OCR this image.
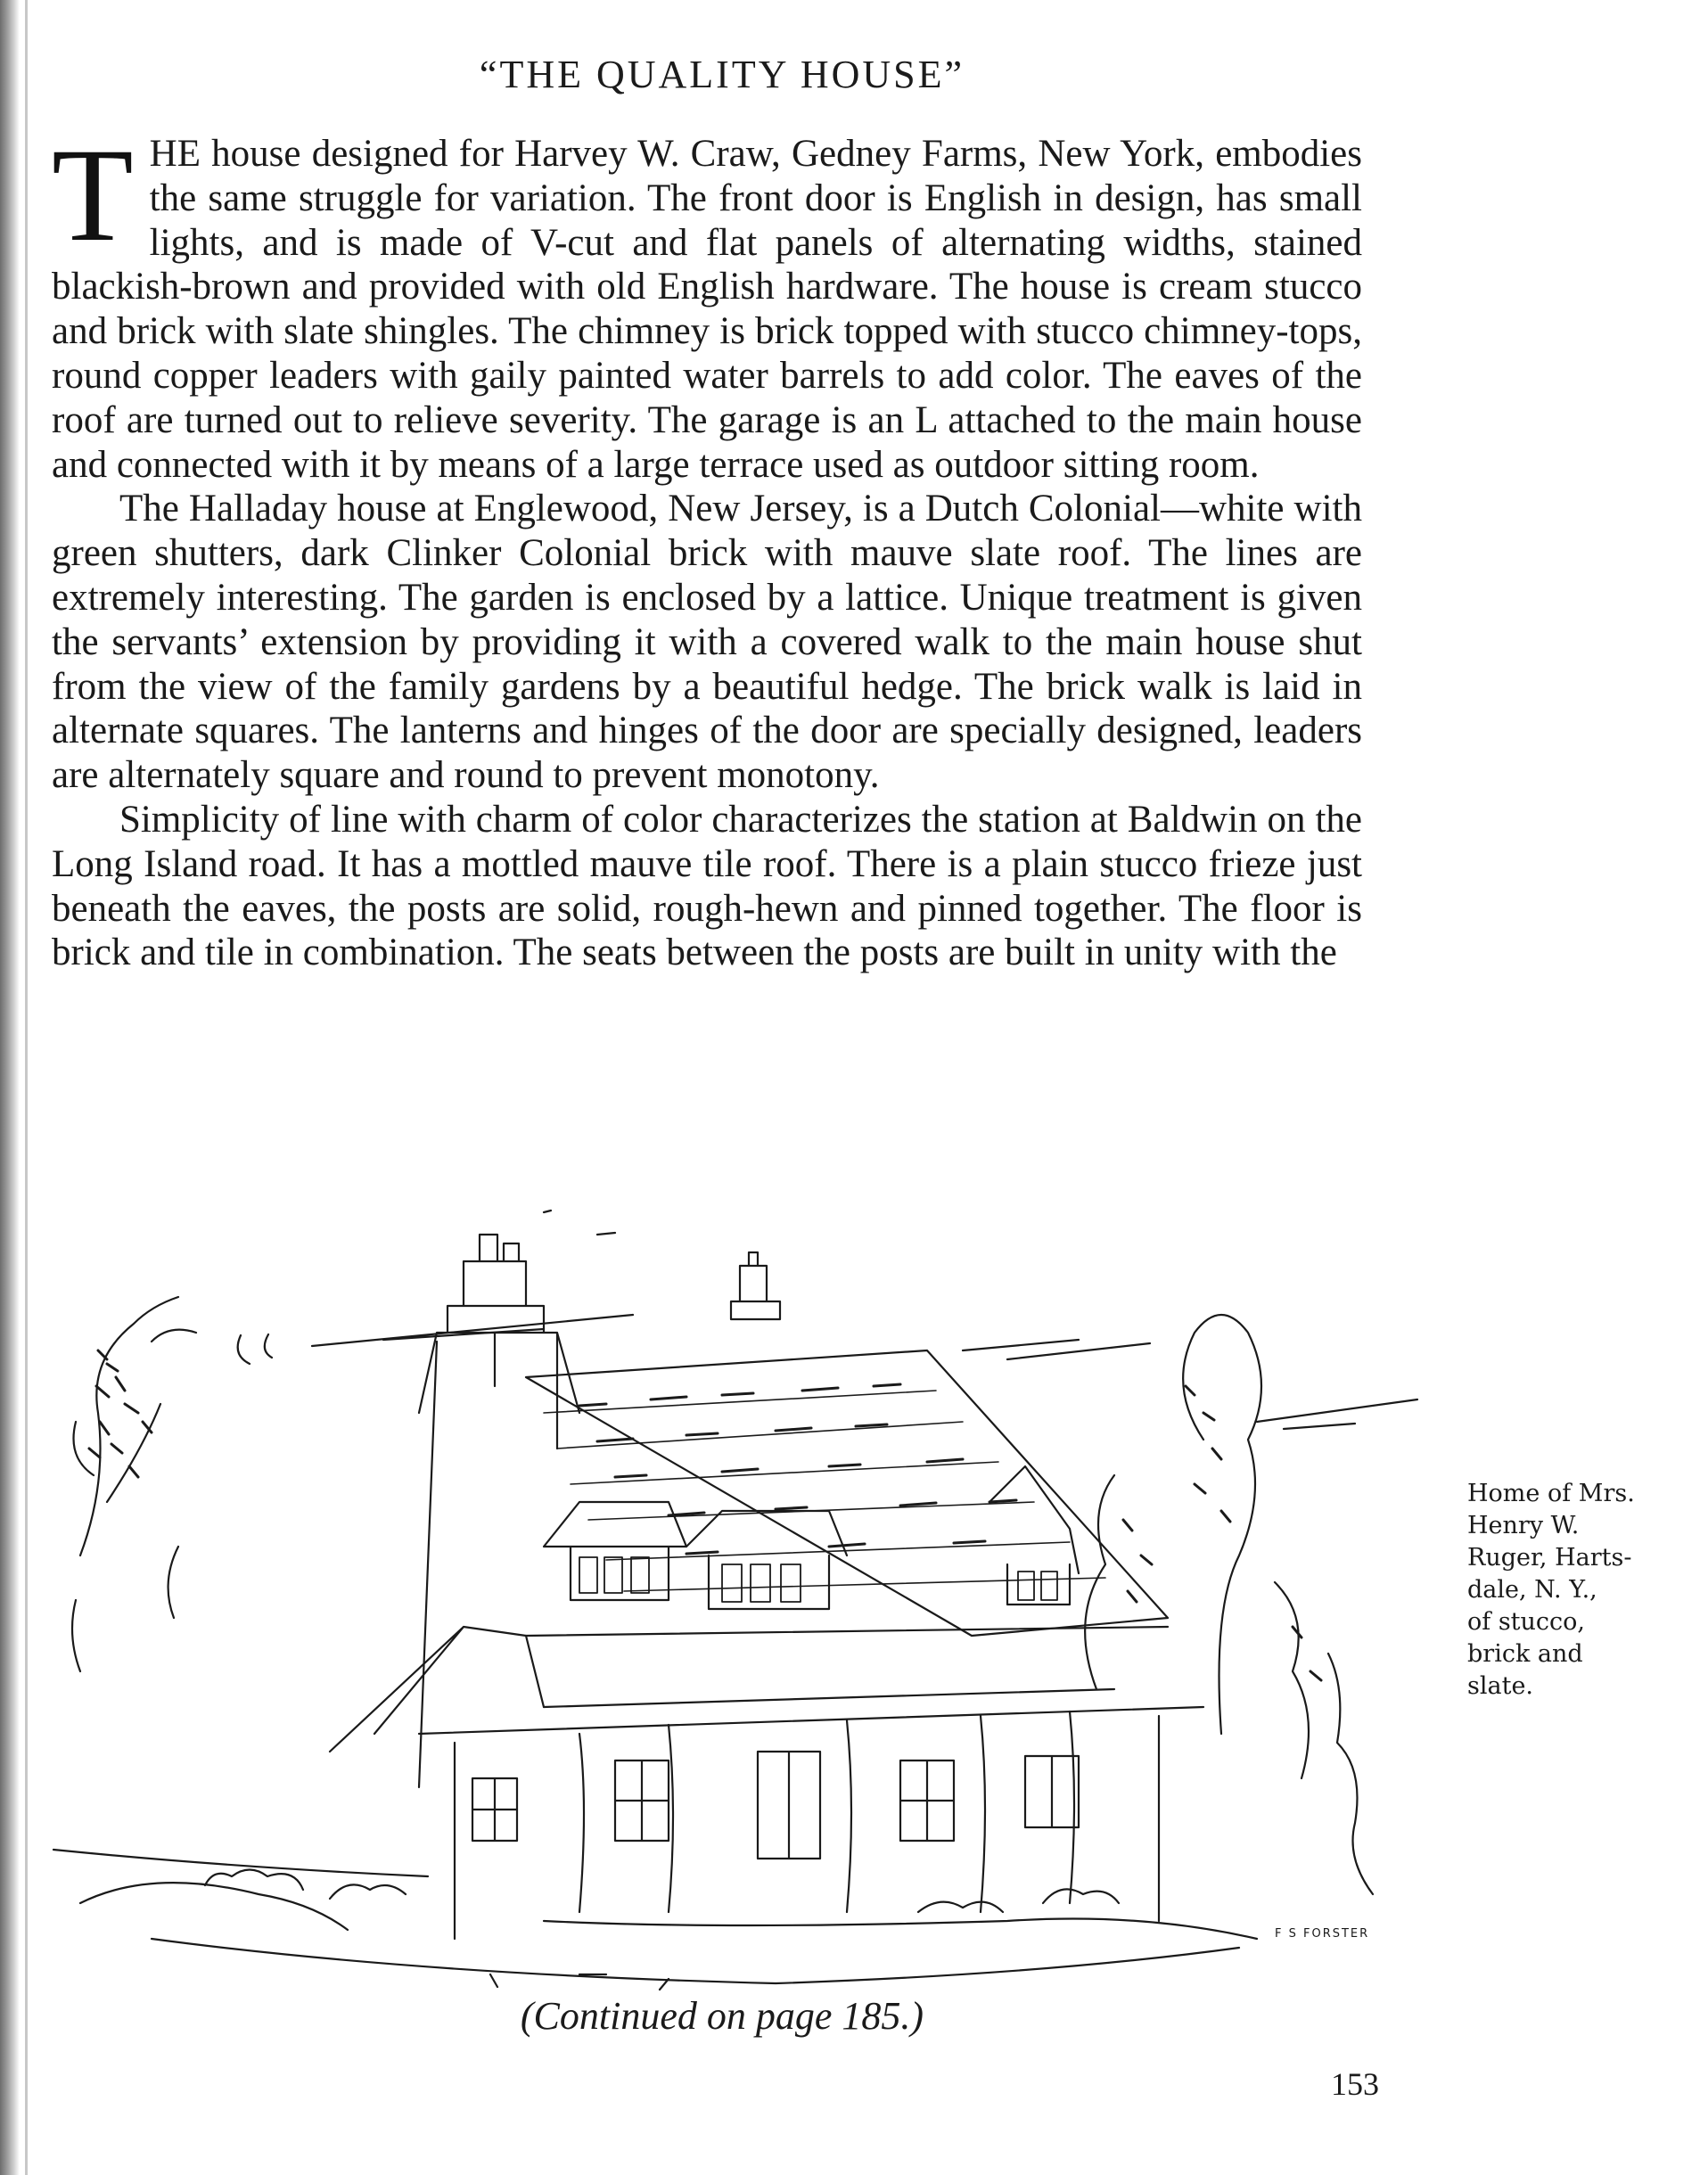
“THE QUALITY HOUSE”

THE house designed for Harvey W. Craw, Gedney Farms, New York, embodies the same struggle for variation. The front door is English in design, has small lights, and is made of V-cut and flat panels of alternating widths, stained blackish-brown and provided with old English hardware. The house is cream stucco and brick with slate shingles. The chimney is brick topped with stucco chimney-tops, round copper leaders with gaily painted water barrels to add color. The eaves of the roof are turned out to relieve severity. The garage is an L attached to the main house and connected with it by means of a large terrace used as outdoor sitting room.

The Halladay house at Englewood, New Jersey, is a Dutch Colonial—white with green shutters, dark Clinker Colonial brick with mauve slate roof. The lines are extremely interesting. The garden is enclosed by a lattice. Unique treatment is given the servants’ extension by providing it with a covered walk to the main house shut from the view of the family gardens by a beautiful hedge. The brick walk is laid in alternate squares. The lanterns and hinges of the door are specially designed, leaders are alternately square and round to prevent monotony.

Simplicity of line with charm of color characterizes the station at Baldwin on the Long Island road. It has a mottled mauve tile roof. There is a plain stucco frieze just beneath the eaves, the posts are solid, rough-hewn and pinned together. The floor is brick and tile in combination. The seats between the posts are built in unity with the

F S FORSTER
Home of Mrs.
Henry W.
Ruger, Harts-
dale, N. Y.,
of stucco,
brick and
slate.
(Continued on page 185.)
153
